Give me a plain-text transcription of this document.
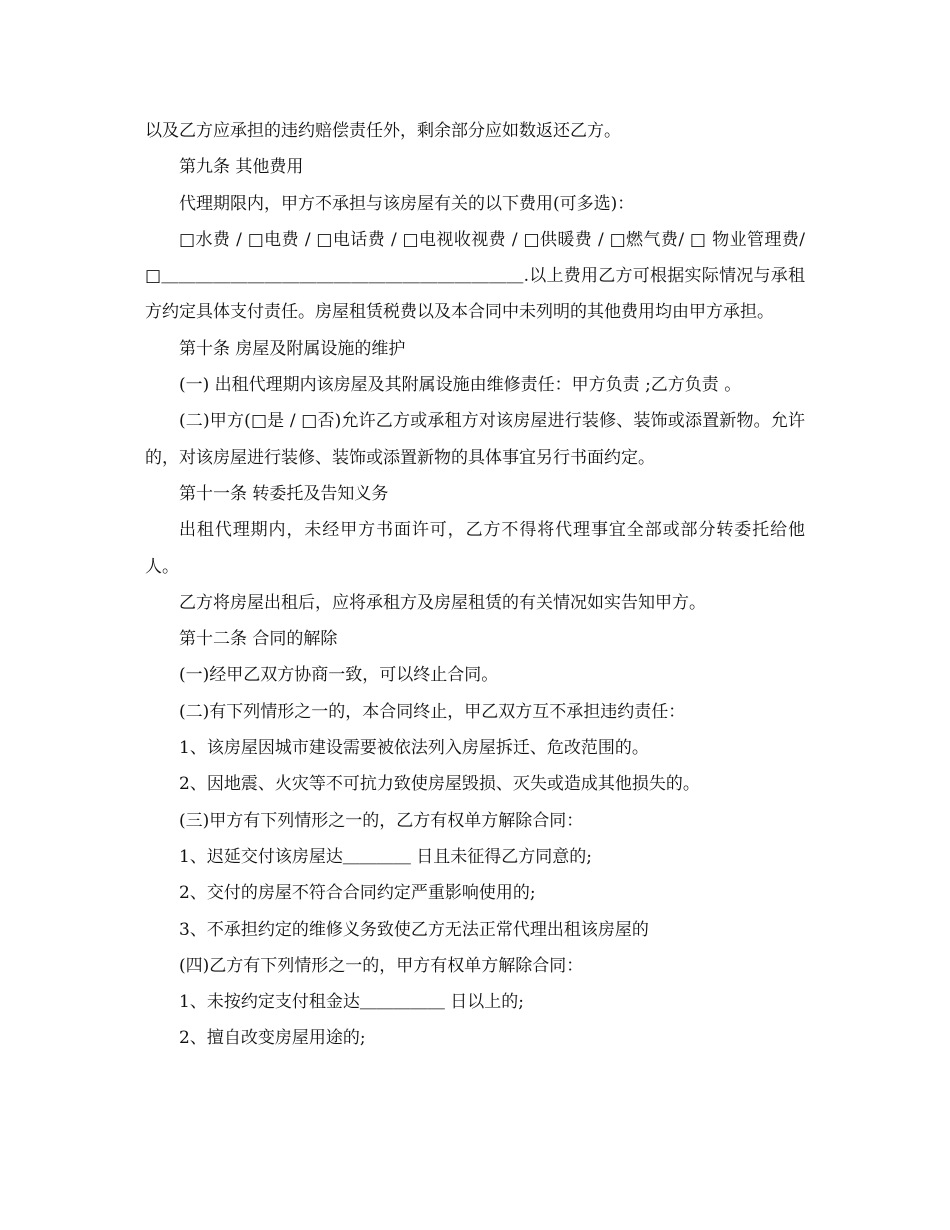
以及乙方应承担的违约赔偿责任外，剩余部分应如数返还乙方。

第九条 其他费用

代理期限内，甲方不承担与该房屋有关的以下费用(可多选)：

□水费 / □电费 / □电话费 / □电视收视费 / □供暖费 / □燃气费/ □ 物业管理费/ □＿＿＿＿＿＿＿＿＿＿＿＿＿＿＿＿＿＿＿＿＿.以上费用乙方可根据实际情况与承租方约定具体支付责任。房屋租赁税费以及本合同中未列明的其他费用均由甲方承担。

第十条 房屋及附属设施的维护

(一) 出租代理期内该房屋及其附属设施由维修责任：甲方负责 ;乙方负责 。

(二)甲方(□是 / □否)允许乙方或承租方对该房屋进行装修、装饰或添置新物。允许的，对该房屋进行装修、装饰或添置新物的具体事宜另行书面约定。

第十一条 转委托及告知义务

出租代理期内，未经甲方书面许可，乙方不得将代理事宜全部或部分转委托给他人。

乙方将房屋出租后，应将承租方及房屋租赁的有关情况如实告知甲方。

第十二条 合同的解除

(一)经甲乙双方协商一致，可以终止合同。

(二)有下列情形之一的，本合同终止，甲乙双方互不承担违约责任：

1、该房屋因城市建设需要被依法列入房屋拆迁、危改范围的。

2、因地震、火灾等不可抗力致使房屋毁损、灭失或造成其他损失的。

(三)甲方有下列情形之一的，乙方有权单方解除合同：

1、迟延交付该房屋达＿＿＿＿ 日且未征得乙方同意的;

2、交付的房屋不符合合同约定严重影响使用的;

3、不承担约定的维修义务致使乙方无法正常代理出租该房屋的

(四)乙方有下列情形之一的，甲方有权单方解除合同：

1、未按约定支付租金达＿＿＿＿＿ 日以上的;

2、擅自改变房屋用途的;
